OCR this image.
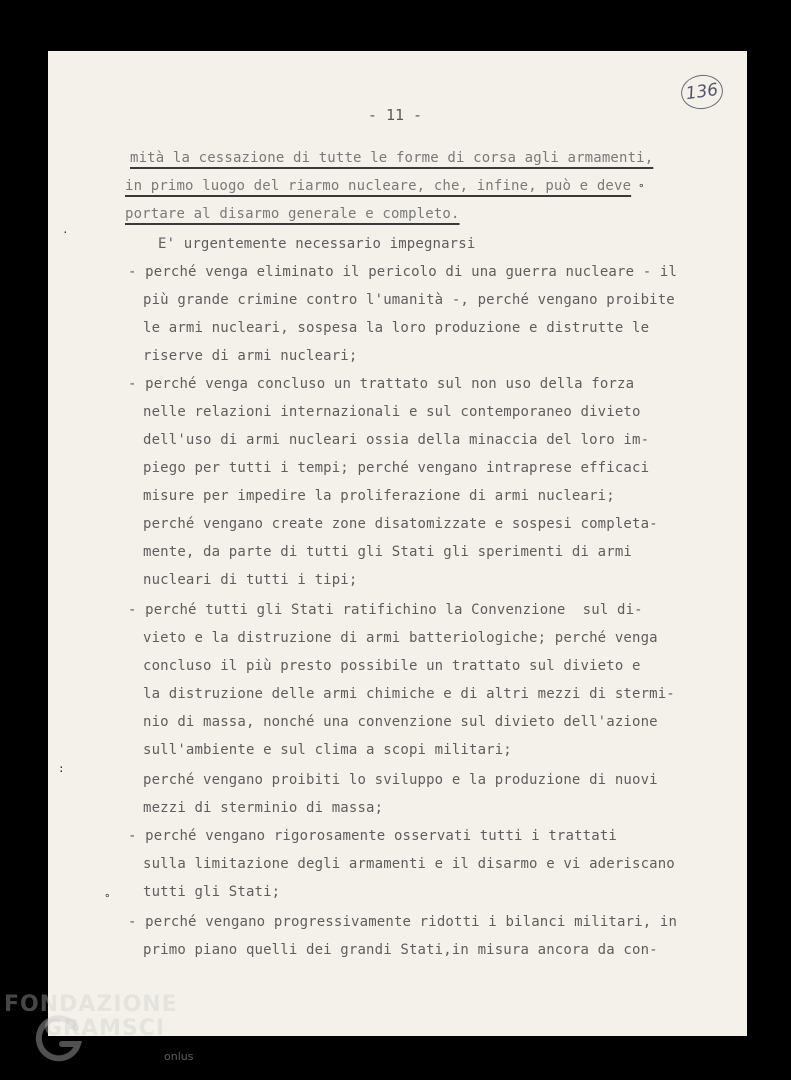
136
- 11 -
mità la cessazione di tutte le forme di corsa agli armamenti,
in primo luogo del riarmo nucleare, che, infine, può e deve
portare al disarmo generale e completo.
E' urgentemente necessario impegnarsi
- perché venga eliminato il pericolo di una guerra nucleare - il
più grande crimine contro l'umanità -, perché vengano proibite
le armi nucleari, sospesa la loro produzione e distrutte le
riserve di armi nucleari;
- perché venga concluso un trattato sul non uso della forza
nelle relazioni internazionali e sul contemporaneo divieto
dell'uso di armi nucleari ossia della minaccia del loro im-
piego per tutti i tempi; perché vengano intraprese efficaci
misure per impedire la proliferazione di armi nucleari;
perché vengano create zone disatomizzate e sospesi completa-
mente, da parte di tutti gli Stati gli sperimenti di armi
nucleari di tutti i tipi;
- perché tutti gli Stati ratifichino la Convenzione  sul di-
vieto e la distruzione di armi batteriologiche; perché venga
concluso il più presto possibile un trattato sul divieto e
la distruzione delle armi chimiche e di altri mezzi di stermi-
nio di massa, nonché una convenzione sul divieto dell'azione
sull'ambiente e sul clima a scopi militari;
perché vengano proibiti lo sviluppo e la produzione di nuovi
mezzi di sterminio di massa;
- perché vengano rigorosamente osservati tutti i trattati
sulla limitazione degli armamenti e il disarmo e vi aderiscano
tutti gli Stati;
- perché vengano progressivamente ridotti i bilanci militari, in
primo piano quelli dei grandi Stati,in misura ancora da con-
°
·
:
°
FONDAZIONE
GRAMSCI
onlus
